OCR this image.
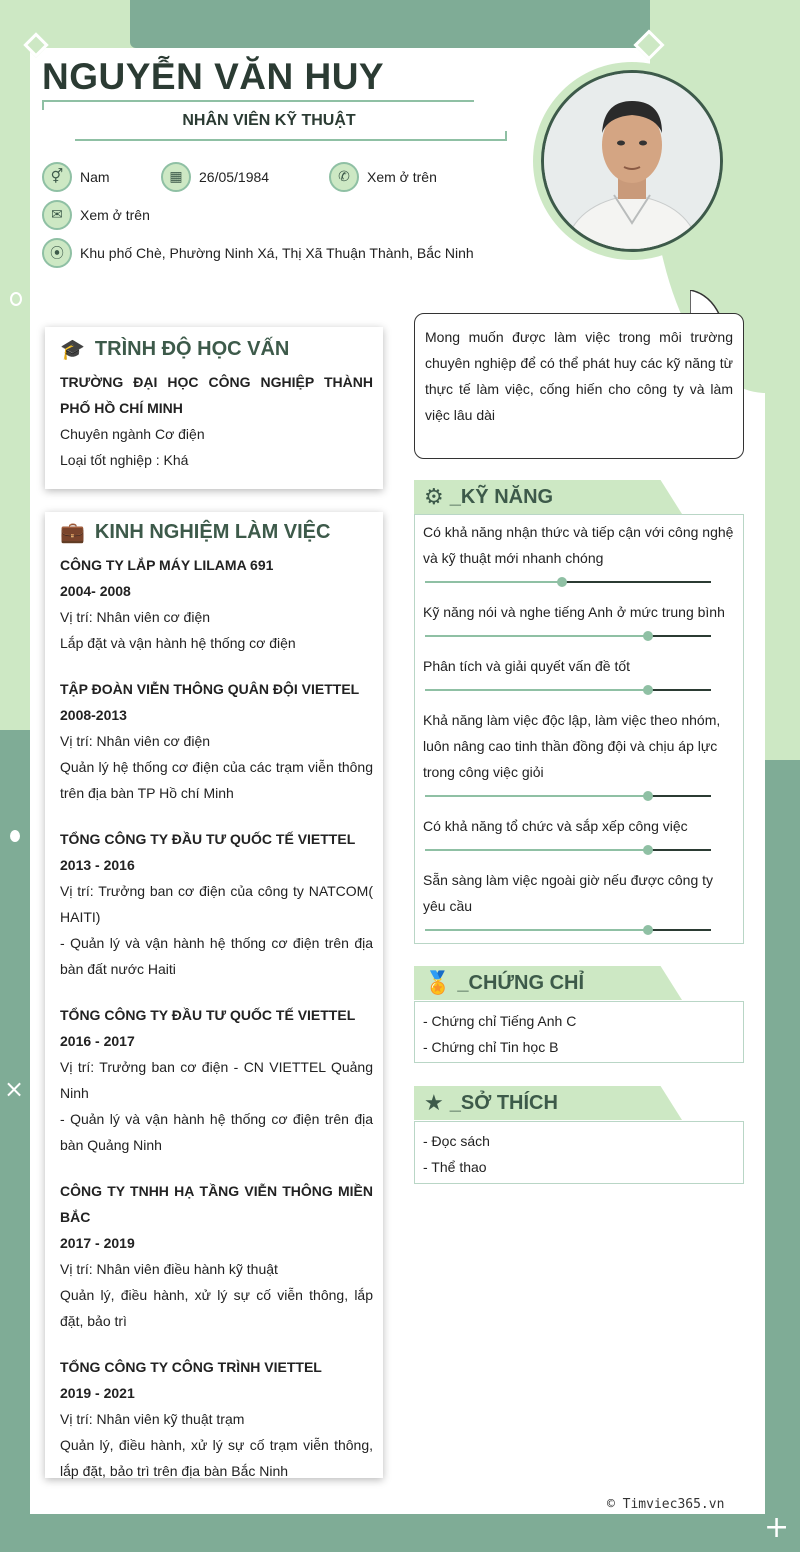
×
+
NGUYỄN VĂN HUY
NHÂN VIÊN KỸ THUẬT
⚥ Nam	▦ 26/05/1984	✆ Xem ở trên
✉ Xem ở trên
⦿ Khu phố Chè, Phường Ninh Xá, Thị Xã Thuận Thành, Bắc Ninh
🎓 TRÌNH ĐỘ HỌC VẤN
TRƯỜNG ĐẠI HỌC CÔNG NGHIỆP THÀNH PHỐ HỒ CHÍ MINH
Chuyên ngành Cơ điện
Loại tốt nghiệp : Khá
💼 KINH NGHIỆM LÀM VIỆC
CÔNG TY LẮP MÁY LILAMA 691
2004- 2008
Vị trí: Nhân viên cơ điện
Lắp đặt và vận hành hệ thống cơ điện
TẬP ĐOÀN VIỄN THÔNG QUÂN ĐỘI VIETTEL
2008-2013
Vị trí: Nhân viên cơ điện
Quản lý hệ thống cơ điện của các trạm viễn thông trên địa bàn TP Hồ chí Minh
TỔNG CÔNG TY ĐẦU TƯ QUỐC TẾ VIETTEL
2013 - 2016
Vị trí: Trưởng ban cơ điện của công ty NATCOM( HAITI)
- Quản lý và vận hành hệ thống cơ điện trên địa bàn đất nước Haiti
TỔNG CÔNG TY ĐẦU TƯ QUỐC TẾ VIETTEL
2016 - 2017
Vị trí: Trưởng ban cơ điện - CN VIETTEL Quảng Ninh
- Quản lý và vận hành hệ thống cơ điện trên địa bàn Quảng Ninh
CÔNG TY TNHH HẠ TẦNG VIỄN THÔNG MIỀN BẮC
2017 - 2019
Vị trí: Nhân viên điều hành kỹ thuật
Quản lý, điều hành, xử lý sự cố viễn thông, lắp đặt, bảo trì
TỔNG CÔNG TY CÔNG TRÌNH VIETTEL
2019 - 2021
Vị trí: Nhân viên kỹ thuật trạm
Quản lý, điều hành, xử lý sự cố trạm viễn thông, lắp đặt, bảo trì trên địa bàn Bắc Ninh
Mong muốn được làm việc trong môi trường chuyên nghiệp để có thể phát huy các kỹ năng từ thực tế làm việc, cống hiến cho công ty và làm việc lâu dài
⚙ _KỸ NĂNG
Có khả năng nhận thức và tiếp cận với công nghệ và kỹ thuật mới nhanh chóng
Kỹ năng nói và nghe tiếng Anh ở mức trung bình
Phân tích và giải quyết vấn đề tốt
Khả năng làm việc độc lập, làm việc theo nhóm, luôn nâng cao tinh thần đồng đội và chịu áp lực trong công việc giỏi
Có khả năng tổ chức và sắp xếp công việc
Sẵn sàng làm việc ngoài giờ nếu được công ty yêu cầu
🏅 _CHỨNG CHỈ
- Chứng chỉ Tiếng Anh C
- Chứng chỉ Tin học B
★ _SỞ THÍCH
- Đọc sách
- Thể thao
© Timviec365.vn
